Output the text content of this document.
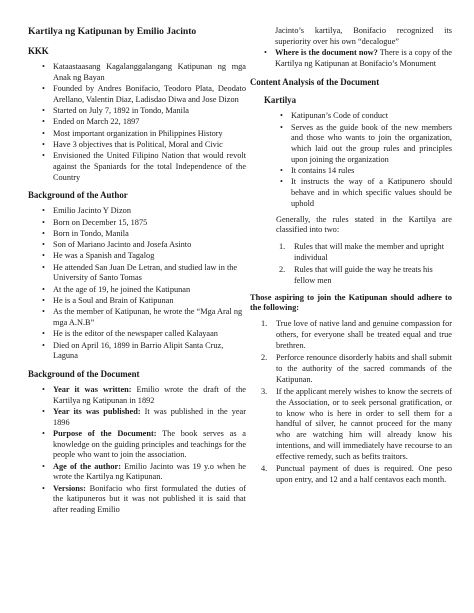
Kartilya ng Katipunan by Emilio Jacinto

KKK

• Kataastaasang Kagalanggalangang Katipunan ng mga Anak ng Bayan
• Founded by Andres Bonifacio, Teodoro Plata, Deodato Arellano, Valentin Diaz, Ladisdao Diwa and Jose Dizon
• Started on July 7, 1892 in Tondo, Manila
• Ended on March 22, 1897
• Most important organization in Philippines History
• Have 3 objectives that is Political, Moral and Civic
• Envisioned the United Filipino Nation that would revolt against the Spaniards for the total Independence of the Country

Background of the Author

• Emilio Jacinto Y Dizon
• Born on December 15, 1875
• Born in Tondo, Manila
• Son of Mariano Jacinto and Josefa Asinto
• He was a Spanish and Tagalog
• He attended San Juan De Letran, and studied law in the University of Santo Tomas
• At the age of 19, he joined the Katipunan
• He is a Soul and Brain of Katipunan
• As the member of Katipunan, he wrote the “Mga Aral ng mga A.N.B”
• He is the editor of the newspaper called Kalayaan
• Died on April 16, 1899 in Barrio Alipit Santa Cruz, Laguna

Background of the Document

• Year it was written: Emilio wrote the draft of the Kartilya ng Katipunan in 1892
• Year its was published: It was published in the year 1896
• Purpose of the Document: The book serves as a knowledge on the guiding principles and teachings for the people who want to join the association.
• Age of the author: Emilio Jacinto was 19 y.o when he wrote the Kartilya ng Katipunan.
• Versions: Bonifacio who first formulated the duties of the katipuneros but it was not published it is said that after reading Emilio
Jacinto’s kartilya, Bonifacio recognized its superiority over his own “decalogue”
• Where is the document now? There is a copy of the Kartilya ng Katipunan at Bonifacio’s Monument

Content Analysis of the Document

Kartilya

• Katipunan’s Code of conduct
• Serves as the guide book of the new members and those who wants to join the organization, which laid out the group rules and principles upon joining the organization
• It contains 14 rules
• It instructs the way of a Katipunero should behave and in which specific values should be uphold

Generally, the rules stated in the Kartilya are classified into two:

1. Rules that will make the member and upright individual
2. Rules that will guide the way he treats his fellow men

Those aspiring to join the Katipunan should adhere to the following:

1. True love of native land and genuine compassion for others, for everyone shall be treated equal and true brethren.
2. Perforce renounce disorderly habits and shall submit to the authority of the sacred commands of the Katipunan.
3. If the applicant merely wishes to know the secrets of the Association, or to seek personal gratification, or to know who is here in order to sell them for a handful of silver, he cannot proceed for the many who are watching him will already know his intentions, and will immediately have recourse to an effective remedy, such as befits traitors.
4. Punctual payment of dues is required. One peso upon entry, and 12 and a half centavos each month.
